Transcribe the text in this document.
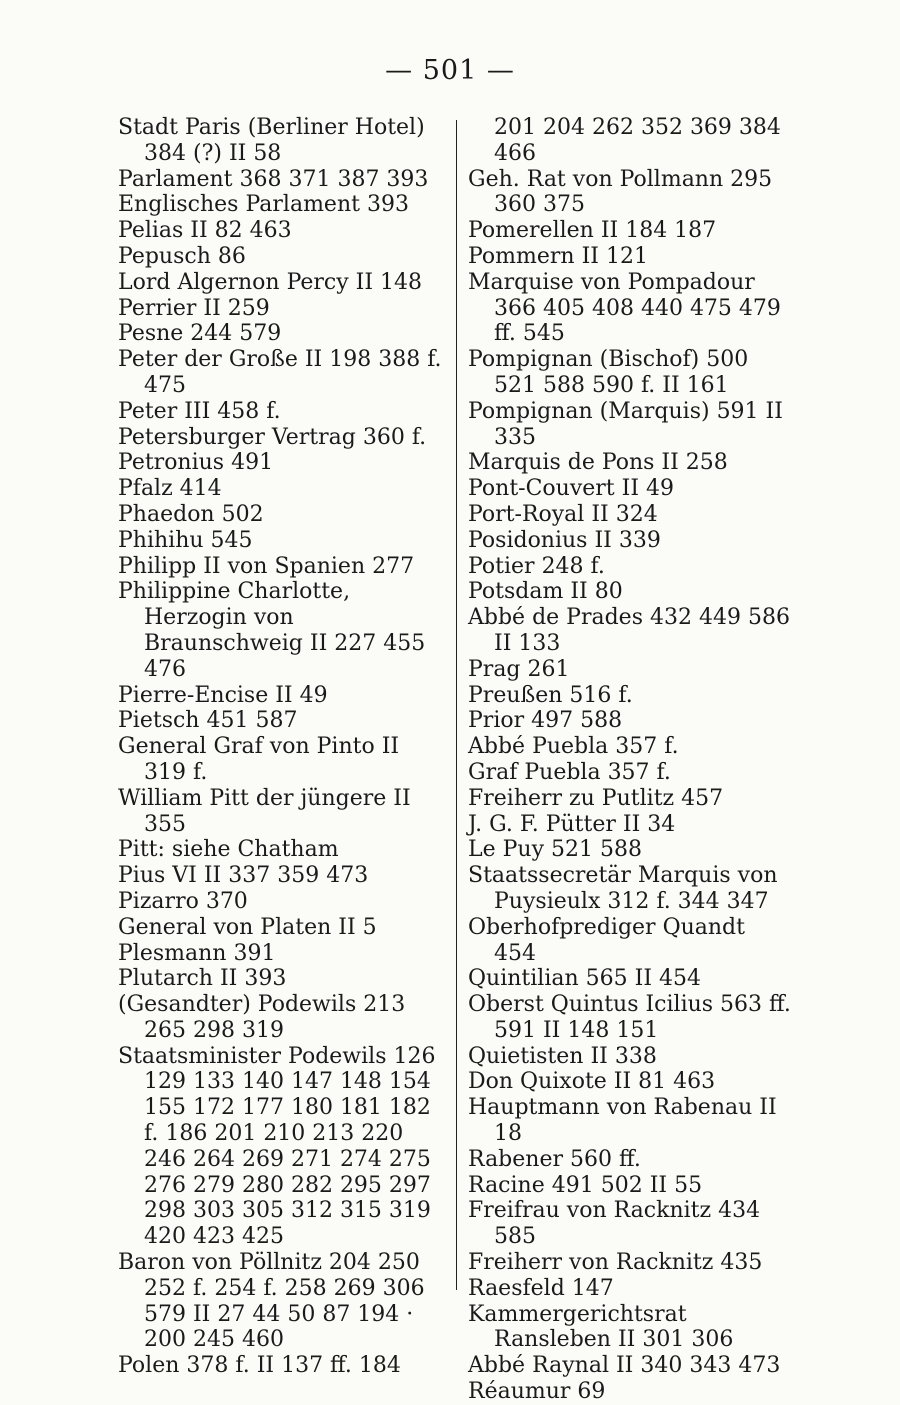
— 501 —
Stadt Paris (Berliner Hotel) 384 (?) II 58
Parlament 368 371 387 393
Englisches Parlament 393
Pelias II 82 463
Pepusch 86
Lord Algernon Percy II 148
Perrier II 259
Pesne 244 579
Peter der Große II 198 388 f. 475
Peter III 458 f.
Petersburger Vertrag 360 f.
Petronius 491
Pfalz 414
Phaedon 502
Phihihu 545
Philipp II von Spanien 277
Philippine Charlotte, Herzogin von Braunschweig II 227 455 476
Pierre-Encise II 49
Pietsch 451 587
General Graf von Pinto II 319 f.
William Pitt der jüngere II 355
Pitt: siehe Chatham
Pius VI II 337 359 473
Pizarro 370
General von Platen II 5
Plesmann 391
Plutarch II 393
(Gesandter) Podewils 213 265 298 319
Staatsminister Podewils 126 129 133 140 147 148 154 155 172 177 180 181 182 f. 186 201 210 213 220 246 264 269 271 274 275 276 279 280 282 295 297 298 303 305 312 315 319 420 423 425
Baron von Pöllnitz 204 250 252 f. 254 f. 258 269 306 579 II 27 44 50 87 194 · 200 245 460
Polen 378 f. II 137 ff. 184
201 204 262 352 369 384 466
Geh. Rat von Pollmann 295 360 375
Pomerellen II 184 187
Pommern II 121
Marquise von Pompadour 366 405 408 440 475 479 ff. 545
Pompignan (Bischof) 500 521 588 590 f. II 161
Pompignan (Marquis) 591 II 335
Marquis de Pons II 258
Pont-Couvert II 49
Port-Royal II 324
Posidonius II 339
Potier 248 f.
Potsdam II 80
Abbé de Prades 432 449 586 II 133
Prag 261
Preußen 516 f.
Prior 497 588
Abbé Puebla 357 f.
Graf Puebla 357 f.
Freiherr zu Putlitz 457
J. G. F. Pütter II 34
Le Puy 521 588
Staatssecretär Marquis von Puysieulx 312 f. 344 347
Oberhofprediger Quandt 454
Quintilian 565 II 454
Oberst Quintus Icilius 563 ff. 591 II 148 151
Quietisten II 338
Don Quixote II 81 463
Hauptmann von Rabenau II 18
Rabener 560 ff.
Racine 491 502 II 55
Freifrau von Racknitz 434 585
Freiherr von Racknitz 435
Raesfeld 147
Kammergerichtsrat Ransleben II 301 306
Abbé Raynal II 340 343 473
Réaumur 69
